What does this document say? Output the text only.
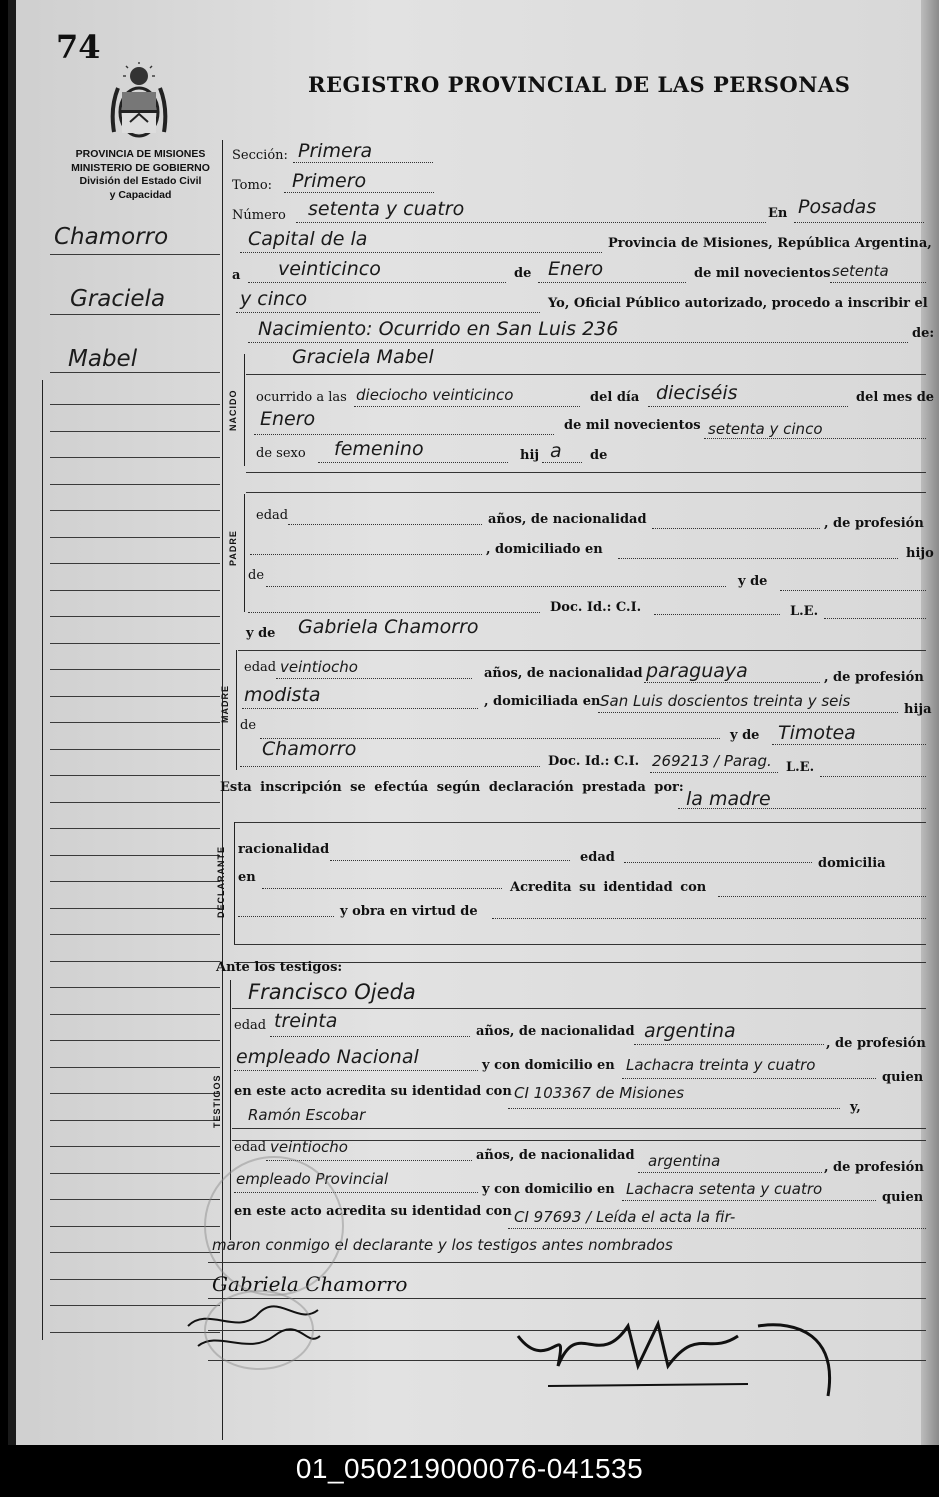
74
REGISTRO PROVINCIAL DE LAS PERSONAS
PROVINCIA DE MISIONES
MINISTERIO DE GOBIERNO
División del Estado Civil
y Capacidad
Chamorro
Graciela
Mabel
Sección: Primera
Tomo: Primero
Número setenta y cuatro	En Posadas
Capital de la	Provincia de Misiones, República Argentina,
a veinticinco	de Enero	de mil novecientos setenta
y cinco	Yo, Oficial Público autorizado, procedo a inscribir el
Nacimiento: Ocurrido en San Luis 236	de:
NACIDO
Graciela Mabel
ocurrido a las dieciocho veinticinco	del día dieciséis	del mes de
Enero	de mil novecientos setenta y cinco
de sexo femenino	hij a de
PADRE
edad	años, de nacionalidad	, de profesión
, domiciliado en	hijo
de	y de
Doc. Id.: C.I.	L.E.
MADRE
y de Gabriela Chamorro
edad veintiocho	años, de nacionalidad paraguaya	, de profesión
modista	, domiciliada en San Luis doscientos treinta y seis	hija
de
y de Timotea
Chamorro
Doc. Id.: C.I. 269213 / Parag. L.E.
Esta inscripción se efectúa según declaración prestada por:
la madre
DECLARANTE racionalidad
edad	domicilia
en
Acredita su identidad con
y obra en virtud de
Ante los testigos:
TESTIGOS
Francisco Ojeda
edad treinta	años, de nacionalidad argentina
, de profesión
empleado Nacional	y con domicilio en Lachacra treinta y cuatro
quien
en este acto acredita su identidad con CI 103367 de Misiones
y,
Ramón Escobar
edad veintiocho	años, de nacionalidad argentina	, de profesión
empleado Provincial
y con domicilio en Lachacra setenta y cuatro	quien
en este acto acredita su identidad con CI 97693 / Leída el acta la fir-
maron conmigo el declarante y los testigos antes nombrados
Gabriela Chamorro
01_050219000076-041535
